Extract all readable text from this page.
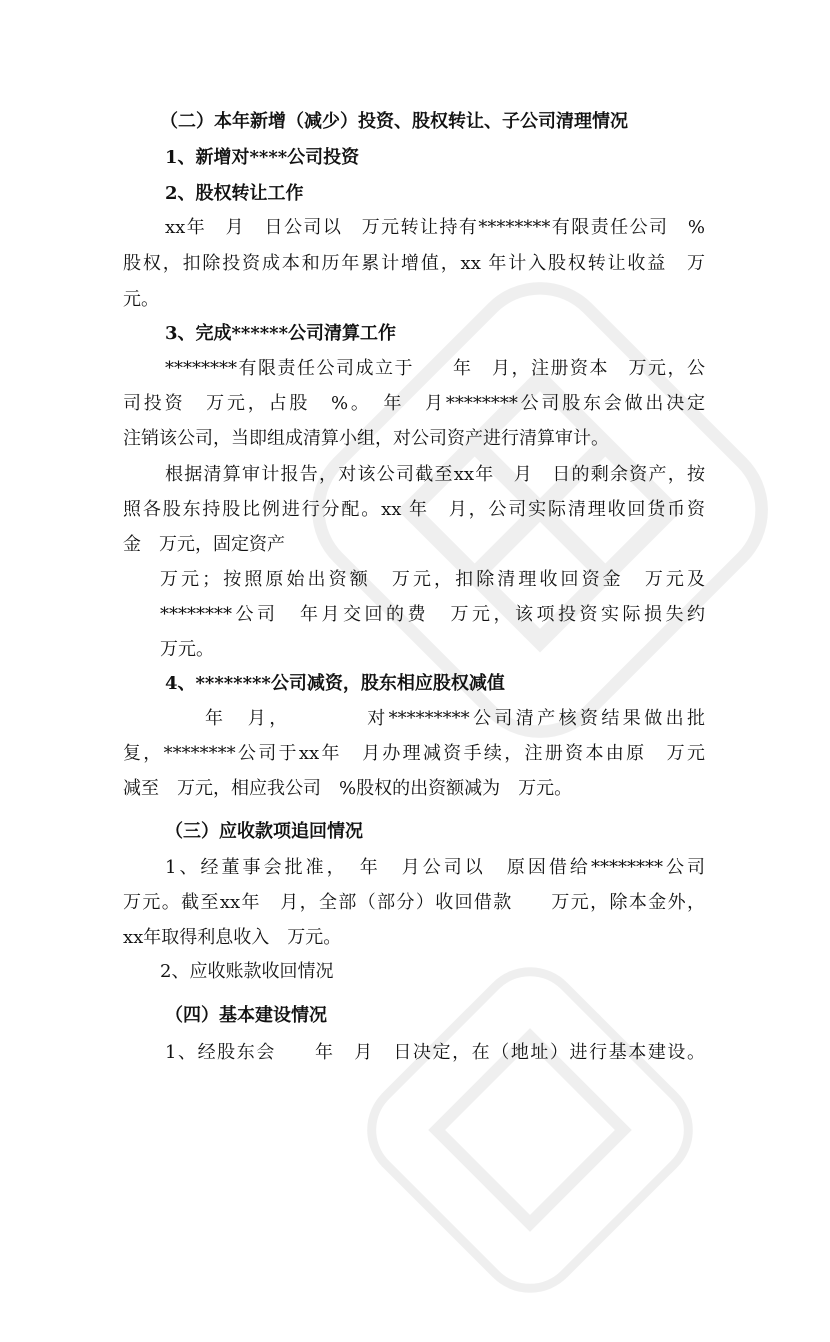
（二）本年新增（减少）投资、股权转让、子公司清理情况
1、新增对****公司投资
2、股权转让工作
xx年　月　日公司以　万元转让持有********有限责任公司　%
股权，扣除投资成本和历年累计增值，xx 年计入股权转让收益　万
元。
3、完成******公司清算工作
********有限责任公司成立于　　年　月，注册资本　万元，公
司投资　万元，占股　%。　年　月********公司股东会做出决定
注销该公司，当即组成清算小组，对公司资产进行清算审计。
根据清算审计报告，对该公司截至xx年　月　日的剩余资产，按
照各股东持股比例进行分配。xx 年　月，公司实际清理收回货币资
金　万元，固定资产
万元；按照原始出资额　万元，扣除清理收回资金　万元及
********公司　年月交回的费　万元，该项投资实际损失约
万元。
4、********公司减资，股东相应股权减值
年　月，　　　　对*********公司清产核资结果做出批
复，********公司于xx年　月办理减资手续，注册资本由原　万元
减至　万元，相应我公司　%股权的出资额减为　万元。
（三）应收款项追回情况
1、经董事会批准，　年　月公司以　原因借给********公司
万元。截至xx年　月，全部（部分）收回借款　　万元，除本金外，
xx年取得利息收入　万元。
2、应收账款收回情况
（四）基本建设情况
1、经股东会　　年　月　日决定，在（地址）进行基本建设。
